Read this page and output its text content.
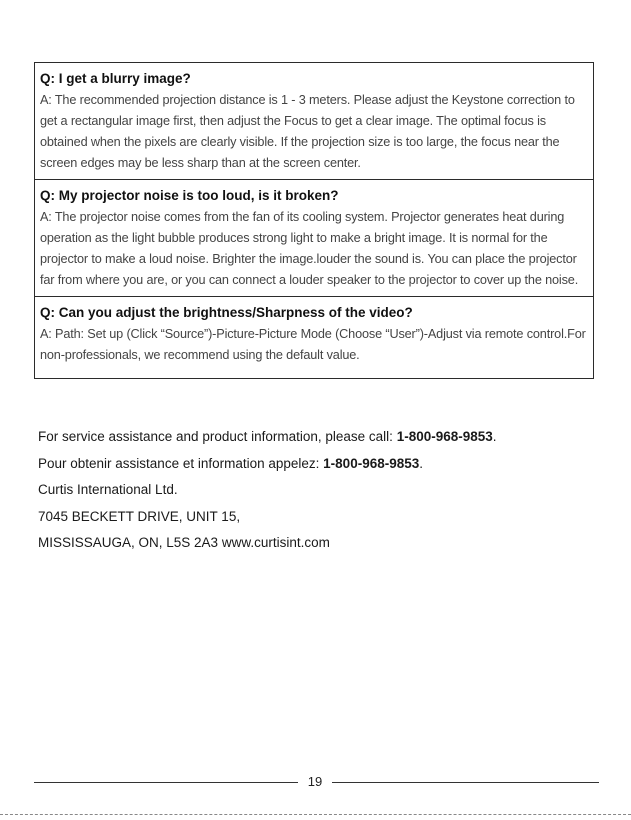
Q: I get a blurry image?

A: The recommended projection distance is 1 - 3 meters. Please adjust the Keystone correction to get a rectangular image first, then adjust the Focus to get a clear image. The optimal focus is obtained when the pixels are clearly visible. If the projection size is too large, the focus near the screen edges may be less sharp than at the screen center.

Q: My projector noise is too loud, is it broken?

A: The projector noise comes from the fan of its cooling system. Projector generates heat during operation as the light bubble produces strong light to make a bright image. It is normal for the projector to make a loud noise. Brighter the image.louder the sound is. You can place the projector far from where you are, or you can connect a louder speaker to the projector to cover up the noise.

Q: Can you adjust the brightness/Sharpness of the video?

A: Path: Set up (Click “Source”)-Picture-Picture Mode (Choose “User”)-Adjust via remote control.For non-professionals, we recommend using the default value.

For service assistance and product information, please call: 1-800-968-9853.
Pour obtenir assistance et information appelez: 1-800-968-9853.
Curtis International Ltd.
7045 BECKETT DRIVE, UNIT 15,
MISSISSAUGA, ON, L5S 2A3 www.curtisint.com
19
